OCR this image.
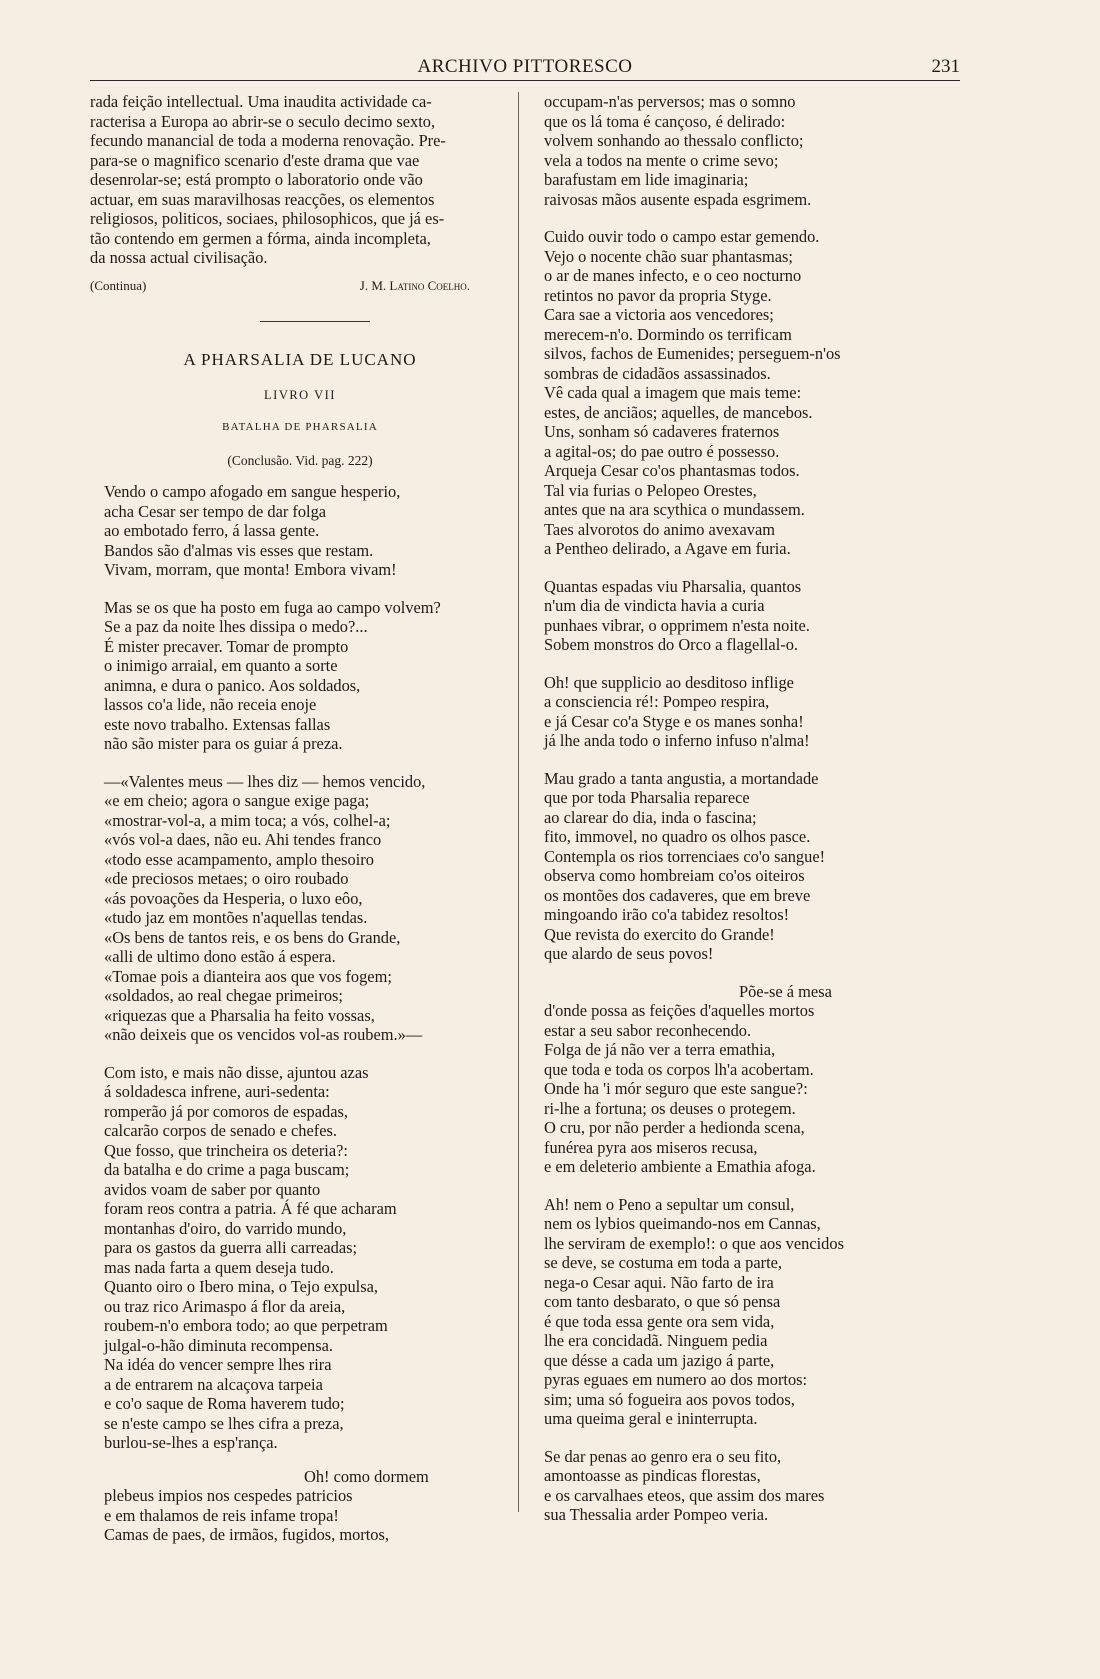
ARCHIVO PITTORESCO	231

rada feição intellectual. Uma inaudita actividade ca-

racterisa a Europa ao abrir-se o seculo decimo sexto,

fecundo manancial de toda a moderna renovação. Pre-

para-se o magnifico scenario d'este drama que vae

desenrolar-se; está prompto o laboratorio onde vão

actuar, em suas maravilhosas reacções, os elementos

religiosos, politicos, sociaes, philosophicos, que já es-

tão contendo em germen a fórma, ainda incompleta,

da nossa actual civilisação.

(Continua)	J. M. Latino Coelho.

A PHARSALIA DE LUCANO

LIVRO VII

BATALHA DE PHARSALIA

(Conclusão. Vid. pag. 222)

Vendo o campo afogado em sangue hesperio,
acha Cesar ser tempo de dar folga
ao embotado ferro, á lassa gente.
Bandos são d'almas vis esses que restam.
Vivam, morram, que monta! Embora vivam!
Mas se os que ha posto em fuga ao campo volvem?
Se a paz da noite lhes dissipa o medo?...
É mister precaver. Tomar de prompto
o inimigo arraial, em quanto a sorte
animna, e dura o panico. Aos soldados,
lassos co'a lide, não receia enoje
este novo trabalho. Extensas fallas
não são mister para os guiar á preza.
—«Valentes meus — lhes diz — hemos vencido,
«e em cheio; agora o sangue exige paga;
«mostrar-vol-a, a mim toca; a vós, colhel-a;
«vós vol-a daes, não eu. Ahi tendes franco
«todo esse acampamento, amplo thesoiro
«de preciosos metaes; o oiro roubado
«ás povoações da Hesperia, o luxo eôo,
«tudo jaz em montões n'aquellas tendas.
«Os bens de tantos reis, e os bens do Grande,
«alli de ultimo dono estão á espera.
«Tomae pois a dianteira aos que vos fogem;
«soldados, ao real chegae primeiros;
«riquezas que a Pharsalia ha feito vossas,
«não deixeis que os vencidos vol-as roubem.»—
Com isto, e mais não disse, ajuntou azas
á soldadesca infrene, auri-sedenta:
romperão já por comoros de espadas,
calcarão corpos de senado e chefes.
Que fosso, que trincheira os deteria?:
da batalha e do crime a paga buscam;
avidos voam de saber por quanto
foram reos contra a patria. Á fé que acharam
montanhas d'oiro, do varrido mundo,
para os gastos da guerra alli carreadas;
mas nada farta a quem deseja tudo.
Quanto oiro o Ibero mina, o Tejo expulsa,
ou traz rico Arimaspo á flor da areia,
roubem-n'o embora todo; ao que perpetram
julgal-o-hão diminuta recompensa.
Na idéa do vencer sempre lhes rira
a de entrarem na alcaçova tarpeia
e co'o saque de Roma haverem tudo;
se n'este campo se lhes cifra a preza,
burlou-se-lhes a esp'rança.
Oh! como dormem
plebeus impios nos cespedes patricios
e em thalamos de reis infame tropa!
Camas de paes, de irmãos, fugidos, mortos,
occupam-n'as perversos; mas o somno
que os lá toma é cançoso, é delirado:
volvem sonhando ao thessalo conflicto;
vela a todos na mente o crime sevo;
barafustam em lide imaginaria;
raivosas mãos ausente espada esgrimem.
Cuido ouvir todo o campo estar gemendo.
Vejo o nocente chão suar phantasmas;
o ar de manes infecto, e o ceo nocturno
retintos no pavor da propria Styge.
Cara sae a victoria aos vencedores;
merecem-n'o. Dormindo os terrificam
silvos, fachos de Eumenides; perseguem-n'os
sombras de cidadãos assassinados.
Vê cada qual a imagem que mais teme:
estes, de anciãos; aquelles, de mancebos.
Uns, sonham só cadaveres fraternos
a agital-os; do pae outro é possesso.
Arqueja Cesar co'os phantasmas todos.
Tal via furias o Pelopeo Orestes,
antes que na ara scythica o mundassem.
Taes alvorotos do animo avexavam
a Pentheo delirado, a Agave em furia.
Quantas espadas viu Pharsalia, quantos
n'um dia de vindicta havia a curia
punhaes vibrar, o opprimem n'esta noite.
Sobem monstros do Orco a flagellal-o.
Oh! que supplicio ao desditoso inflige
a consciencia ré!: Pompeo respira,
e já Cesar co'a Styge e os manes sonha!
já lhe anda todo o inferno infuso n'alma!
Mau grado a tanta angustia, a mortandade
que por toda Pharsalia reparece
ao clarear do dia, inda o fascina;
fito, immovel, no quadro os olhos pasce.
Contempla os rios torrenciaes co'o sangue!
observa como hombreiam co'os oiteiros
os montões dos cadaveres, que em breve
mingoando irão co'a tabidez resoltos!
Que revista do exercito do Grande!
que alardo de seus povos!
Põe-se á mesa
d'onde possa as feições d'aquelles mortos
estar a seu sabor reconhecendo.
Folga de já não ver a terra emathia,
que toda e toda os corpos lh'a acobertam.
Onde ha 'i mór seguro que este sangue?:
ri-lhe a fortuna; os deuses o protegem.
O cru, por não perder a hedionda scena,
funérea pyra aos miseros recusa,
e em deleterio ambiente a Emathia afoga.
Ah! nem o Peno a sepultar um consul,
nem os lybios queimando-nos em Cannas,
lhe serviram de exemplo!: o que aos vencidos
se deve, se costuma em toda a parte,
nega-o Cesar aqui. Não farto de ira
com tanto desbarato, o que só pensa
é que toda essa gente ora sem vida,
lhe era concidadã. Ninguem pedia
que désse a cada um jazigo á parte,
pyras eguaes em numero ao dos mortos:
sim; uma só fogueira aos povos todos,
uma queima geral e ininterrupta.
Se dar penas ao genro era o seu fito,
amontoasse as pindicas florestas,
e os carvalhaes eteos, que assim dos mares
sua Thessalia arder Pompeo veria.
